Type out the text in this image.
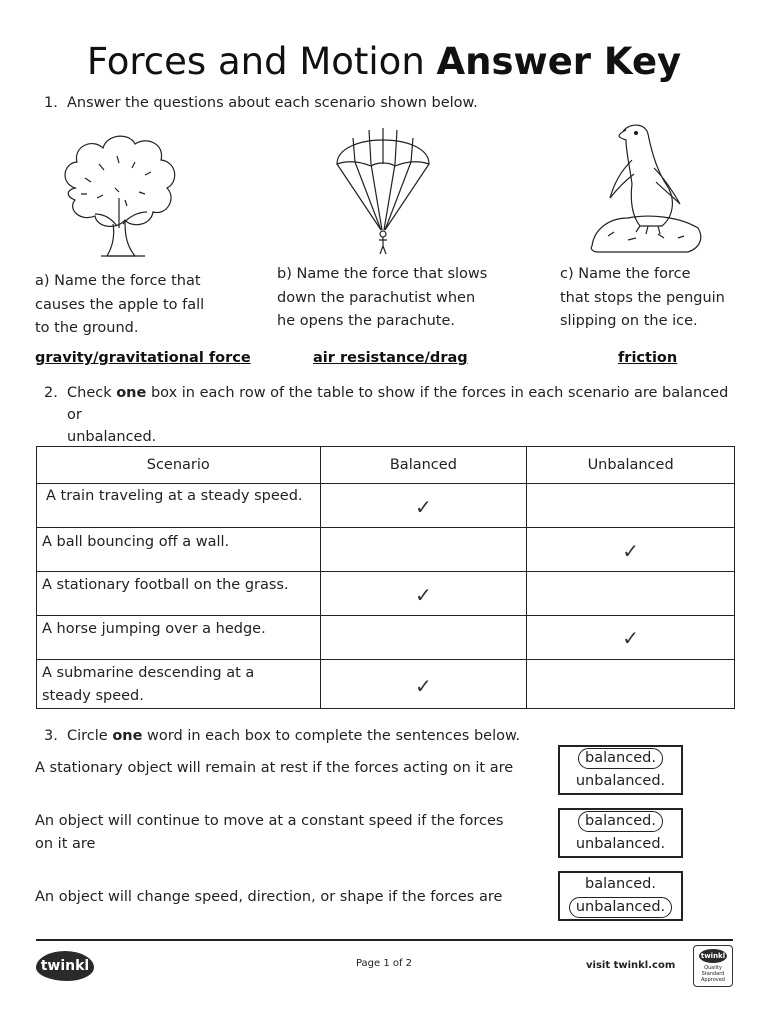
Forces and Motion Answer Key
1. Answer the questions about each scenario shown below.
a) Name the force that
causes the apple to fall
to the ground.
b) Name the force that slows
down the parachutist when
he opens the parachute.
c) Name the force
that stops the penguin
slipping on the ice.
gravity/gravitational force	air resistance/drag	friction
2. Check one box in each row of the table to show if the forces in each scenario are balanced or
unbalanced.
Scenario	Balanced	Unbalanced
A train traveling at a steady speed.	✓	

A ball bouncing off a wall.		✓

A stationary football on the grass.	✓	

A horse jumping over a hedge.		✓

A submarine descending at a
steady speed.	✓	

3. Circle one word in each box to complete the sentences below.
A stationary object will remain at rest if the forces acting on it are
balanced.
unbalanced.
An object will continue to move at a constant speed if the forces
on it are
balanced.
unbalanced.
An object will change speed, direction, or shape if the forces are
balanced.
unbalanced.
twinkl	Page 1 of 2	visit twinkl.com
twinkl
Quality Standard Approved
